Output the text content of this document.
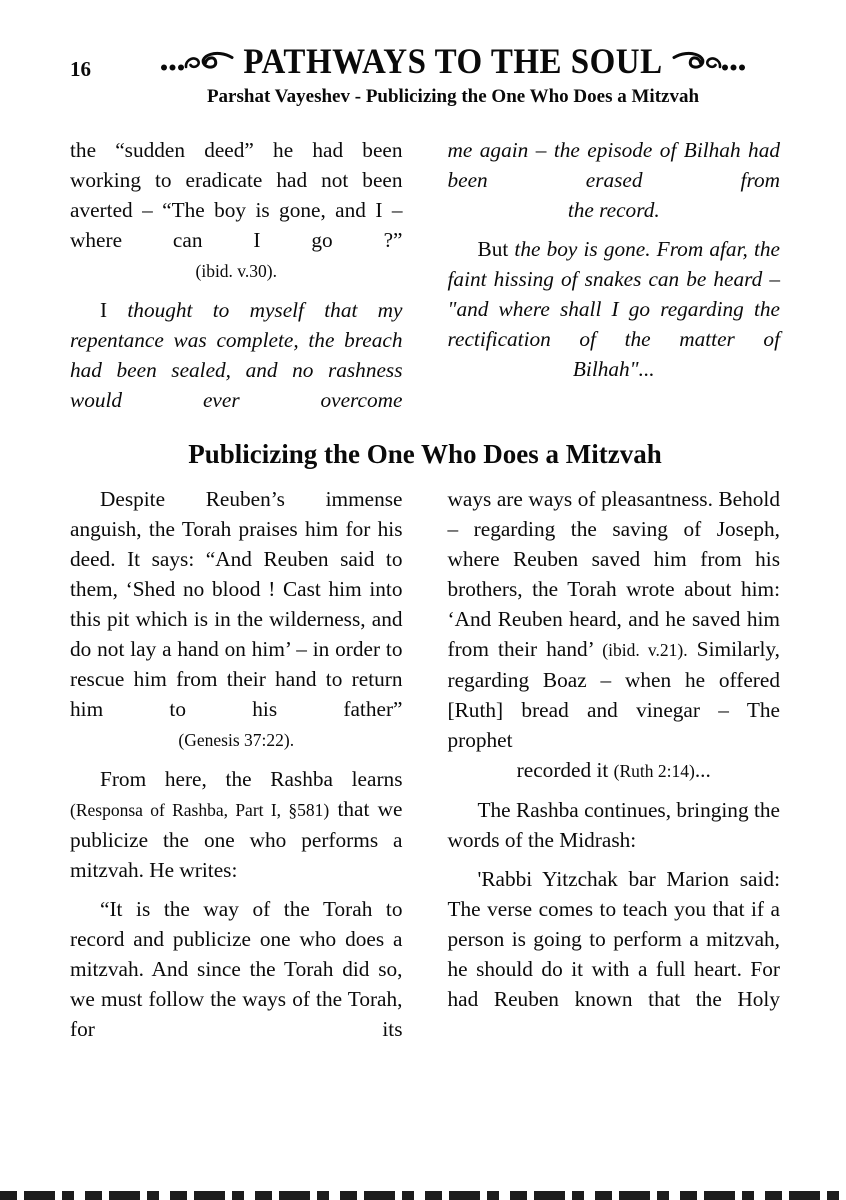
16	PATHWAYS TO THE SOUL
Parshat Vayeshev - Publicizing the One Who Does a Mitzvah
the “sudden deed” he had been working to eradicate had not been averted – “The boy is gone, and I – where can I go ?”
(ibid. v.30).
I thought to myself that my repentance was complete, the breach had been sealed, and no rashness would ever overcome
me again – the episode of Bilhah had been erased from
the record.
But the boy is gone. From afar, the faint hissing of snakes can be heard – "and where shall I go regarding the rectification of the matter of
Bilhah"...
Publicizing the One Who Does a Mitzvah
Despite Reuben’s immense anguish, the Torah praises him for his deed. It says: “And Reuben said to them, ‘Shed no blood ! Cast him into this pit which is in the wilderness, and do not lay a hand on him’ – in order to rescue him from their hand to return him to his father”
(Genesis 37:22).
From here, the Rashba learns (Responsa of Rashba, Part I, §581) that we publicize the one who performs a mitzvah. He writes:
“It is the way of the Torah to record and publicize one who does a mitzvah. And since the Torah did so, we must follow the ways of the Torah, for its
ways are ways of pleasantness. Behold – regarding the saving of Joseph, where Reuben saved him from his brothers, the Torah wrote about him: ‘And Reuben heard, and he saved him from their hand’ (ibid. v.21). Similarly, regarding Boaz – when he offered [Ruth] bread and vinegar – The prophet
recorded it (Ruth 2:14)...
The Rashba continues, bringing the words of the Midrash:
'Rabbi Yitzchak bar Marion said: The verse comes to teach you that if a person is going to perform a mitzvah, he should do it with a full heart. For had Reuben known that the Holy
